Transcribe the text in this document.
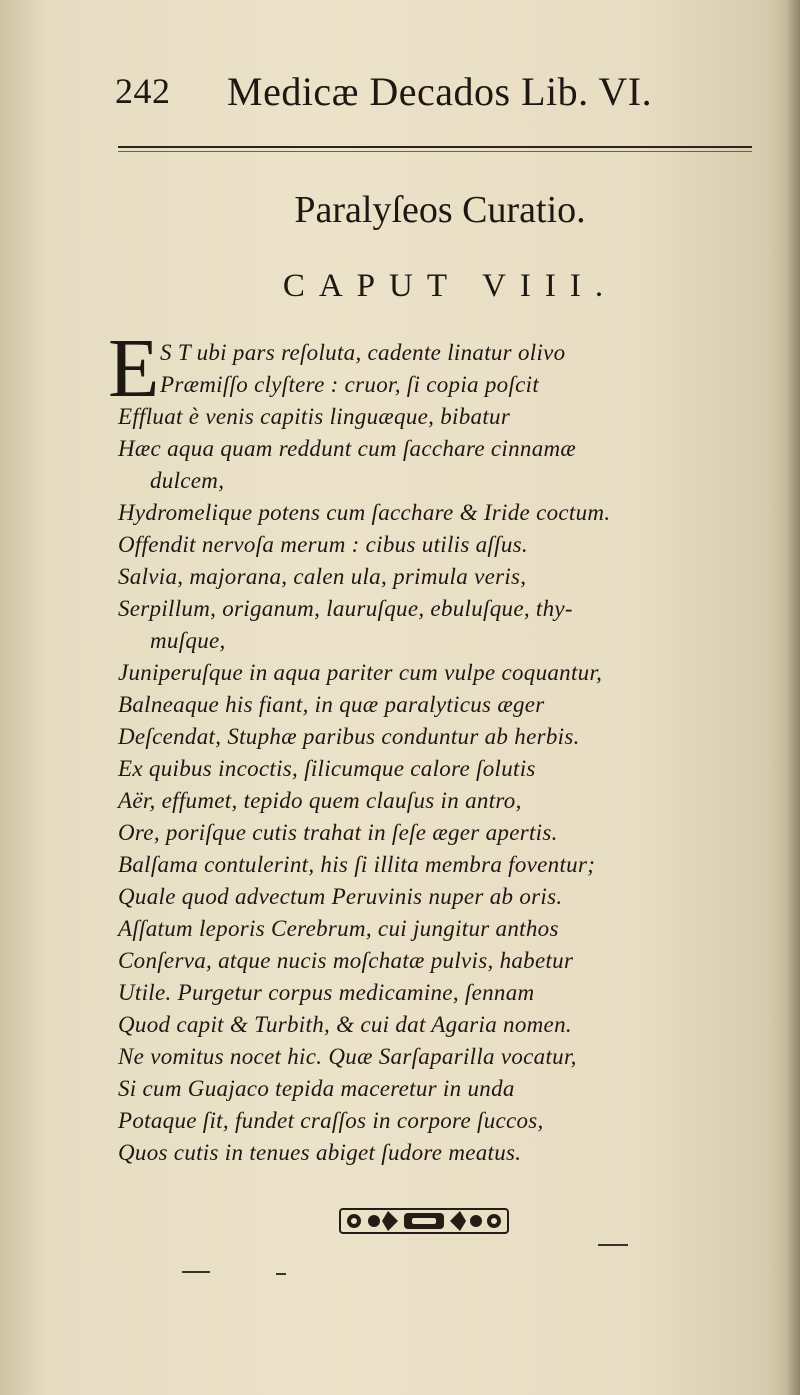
242 Medicæ Decados Lib. VI.
Paralyſeos Curatio.
CAPUT VIII.
E S T ubi pars reſoluta, cadente linatur olivo
Præmiſſo clyſtere : cruor, ſi copia poſcit
Effluat è venis capitis linguæque, bibatur
Hæc aqua quam reddunt cum ſacchare cinnamæ
dulcem,
Hydromelique potens cum ſacchare & Iride coctum.
Offendit nervoſa merum : cibus utilis aſſus.
Salvia, majorana, calen ula, primula veris,
Serpillum, origanum, lauruſque, ebuluſque, thy-
muſque,
Juniperuſque in aqua pariter cum vulpe coquantur,
Balneaque his fiant, in quæ paralyticus æger
Deſcendat, Stuphæ paribus conduntur ab herbis.
Ex quibus incoctis, ſilicumque calore ſolutis
Aër, effumet, tepido quem clauſus in antro,
Ore, poriſque cutis trahat in ſeſe æger apertis.
Balſama contulerint, his ſi illita membra foventur;
Quale quod advectum Peruvinis nuper ab oris.
Aſſatum leporis Cerebrum, cui jungitur anthos
Conſerva, atque nucis moſchatæ pulvis, habetur
Utile. Purgetur corpus medicamine, ſennam
Quod capit & Turbith, & cui dat Agaria nomen.
Ne vomitus nocet hic. Quæ Sarſaparilla vocatur,
Si cum Guajaco tepida maceretur in unda
Potaque ſit, fundet craſſos in corpore ſuccos,
Quos cutis in tenues abiget ſudore meatus.
